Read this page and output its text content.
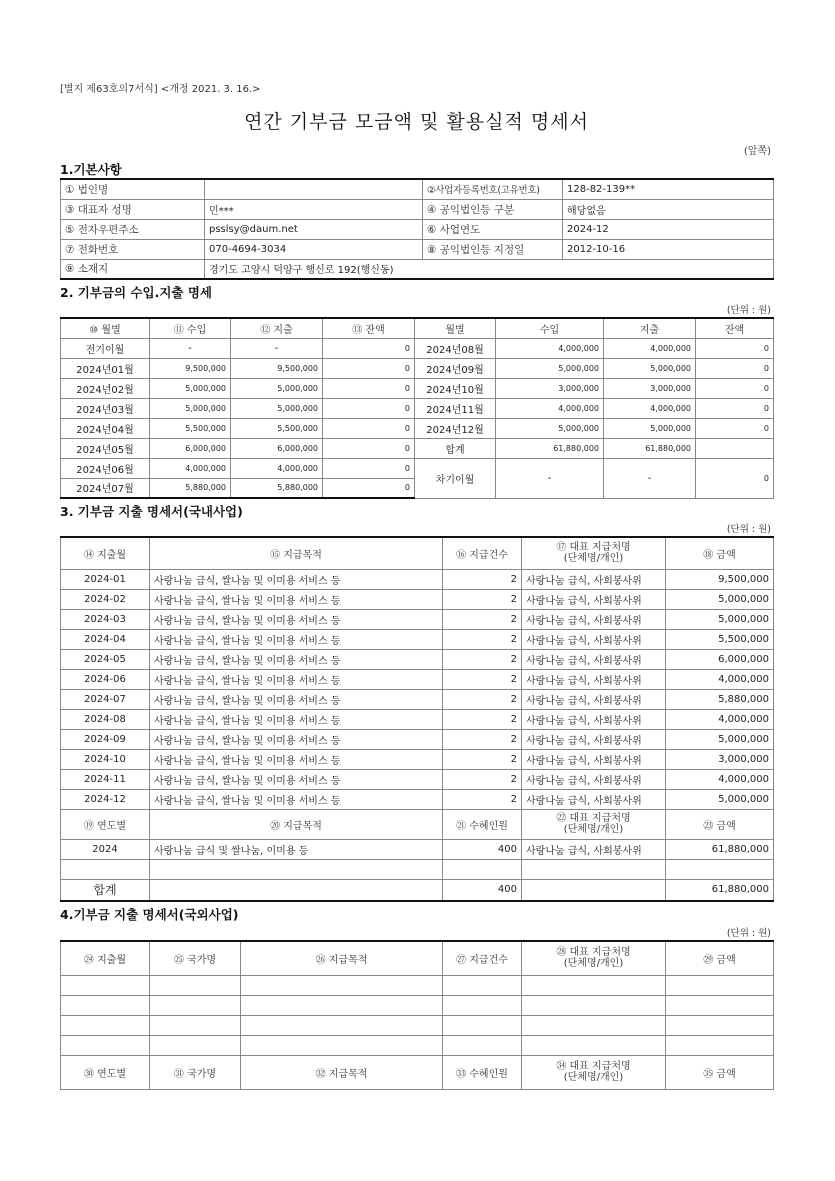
[별지 제63호의7서식] <개정 2021. 3. 16.>
연간 기부금 모금액 및 활용실적 명세서
(앞쪽)
1.기본사항
① 법인명		②사업자등록번호(고유번호)	128-82-139**
③ 대표자 성명	민***	④ 공익법인등 구분	해당없음
⑤ 전자우편주소	psslsy@daum.net	⑥ 사업연도	2024-12
⑦ 전화번호	070-4694-3034	⑧ 공익법인등 지정일	2012-10-16
⑨ 소재지	경기도 고양시 덕양구 행신로 192(행신동)		
2. 기부금의 수입.지출 명세
(단위 : 원)
⑩ 월별	⑪ 수입	⑫ 지출	⑬ 잔액	월별	수입	지출	잔액
전기이월	-	-	0	2024년08월	4,000,000	4,000,000	0
2024년01월	9,500,000	9,500,000	0	2024년09월	5,000,000	5,000,000	0
2024년02월	5,000,000	5,000,000	0	2024년10월	3,000,000	3,000,000	0
2024년03월	5,000,000	5,000,000	0	2024년11월	4,000,000	4,000,000	0
2024년04월	5,500,000	5,500,000	0	2024년12월	5,000,000	5,000,000	0
2024년05월	6,000,000	6,000,000	0	합계	61,880,000	61,880,000	
2024년06월	4,000,000	4,000,000	0	차기이월	-	-	0
2024년07월	5,880,000	5,880,000	0				
3. 기부금 지출 명세서(국내사업)
(단위 : 원)
⑭ 지출월	⑮ 지급목적	⑯ 지급건수	⑰ 대표 지급처명
(단체명/개인)	⑱ 금액
2024-01	사랑나눔 급식, 쌀나눔 및 이미용 서비스 등	2	사랑나눔 급식, 사회봉사위	9,500,000
2024-02	사랑나눔 급식, 쌀나눔 및 이미용 서비스 등	2	사랑나눔 급식, 사회봉사위	5,000,000
2024-03	사랑나눔 급식, 쌀나눔 및 이미용 서비스 등	2	사랑나눔 급식, 사회봉사위	5,000,000
2024-04	사랑나눔 급식, 쌀나눔 및 이미용 서비스 등	2	사랑나눔 급식, 사회봉사위	5,500,000
2024-05	사랑나눔 급식, 쌀나눔 및 이미용 서비스 등	2	사랑나눔 급식, 사회봉사위	6,000,000
2024-06	사랑나눔 급식, 쌀나눔 및 이미용 서비스 등	2	사랑나눔 급식, 사회봉사위	4,000,000
2024-07	사랑나눔 급식, 쌀나눔 및 이미용 서비스 등	2	사랑나눔 급식, 사회봉사위	5,880,000
2024-08	사랑나눔 급식, 쌀나눔 및 이미용 서비스 등	2	사랑나눔 급식, 사회봉사위	4,000,000
2024-09	사랑나눔 급식, 쌀나눔 및 이미용 서비스 등	2	사랑나눔 급식, 사회봉사위	5,000,000
2024-10	사랑나눔 급식, 쌀나눔 및 이미용 서비스 등	2	사랑나눔 급식, 사회봉사위	3,000,000
2024-11	사랑나눔 급식, 쌀나눔 및 이미용 서비스 등	2	사랑나눔 급식, 사회봉사위	4,000,000
2024-12	사랑나눔 급식, 쌀나눔 및 이미용 서비스 등	2	사랑나눔 급식, 사회봉사위	5,000,000
⑲ 연도별	⑳ 지급목적	㉑ 수혜인원	㉒ 대표 지급처명
(단체명/개인)	㉓ 금액
2024	사랑나눔 급식 및 쌀나눔, 이미용 등	400	사랑나눔 급식, 사회봉사위	61,880,000

합계		400		61,880,000
4.기부금 지출 명세서(국외사업)
(단위 : 원)
㉔ 지출월	㉕ 국가명	㉖ 지급목적	㉗ 지급건수	㉘ 대표 지급처명
(단체명/개인)	㉙ 금액

㉚ 연도별	㉛ 국가명	㉜ 지급목적	㉝ 수혜인원	㉞ 대표 지급처명
(단체명/개인)	㉟ 금액
